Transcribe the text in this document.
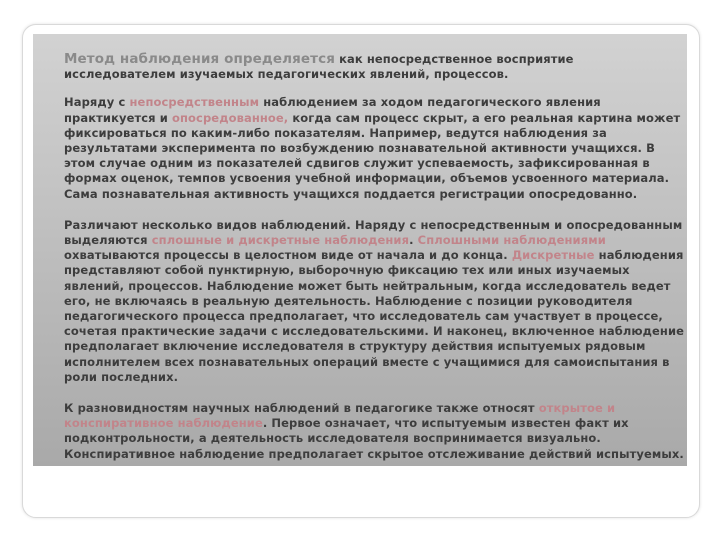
Метод наблюдения определяется как непосредственное восприятие исследователем изучаемых педагогических явлений, процессов.

Наряду с непосредственным наблюдением за ходом педагогического явления практикуется и опосредованное, когда сам процесс скрыт, а его реальная картина может фиксироваться по каким-либо показателям. Например, ведутся наблюдения за результатами эксперимента по возбуждению познавательной активности учащихся. В этом случае одним из показателей сдвигов служит успеваемость, зафиксированная в формах оценок, темпов усвоения учебной информации, объемов усвоенного материала. Сама познавательная активность учащихся поддается регистрации опосредованно.

Различают несколько видов наблюдений. Наряду с непосредственным и опосредованным выделяются сплошные и дискретные наблюдения. Сплошными наблюдениями охватываются процессы в целостном виде от начала и до конца. Дискретные наблюдения представляют собой пунктирную, выборочную фиксацию тех или иных изучаемых явлений, процессов. Наблюдение может быть нейтральным, когда исследователь ведет его, не включаясь в реальную деятельность. Наблюдение с позиции руководителя педагогического процесса предполагает, что исследователь сам участвует в процессе, сочетая практические задачи с исследовательскими. И наконец, включенное наблюдение предполагает включение исследователя в структуру действия испытуемых рядовым исполнителем всех познавательных операций вместе с учащимися для самоиспытания в роли последних.

К разновидностям научных наблюдений в педагогике также относят открытое и конспиративное наблюдение. Первое означает, что испытуемым известен факт их подконтрольности, а деятельность исследователя воспринимается визуально. Конспиративное наблюдение предполагает скрытое отслеживание действий испытуемых.
